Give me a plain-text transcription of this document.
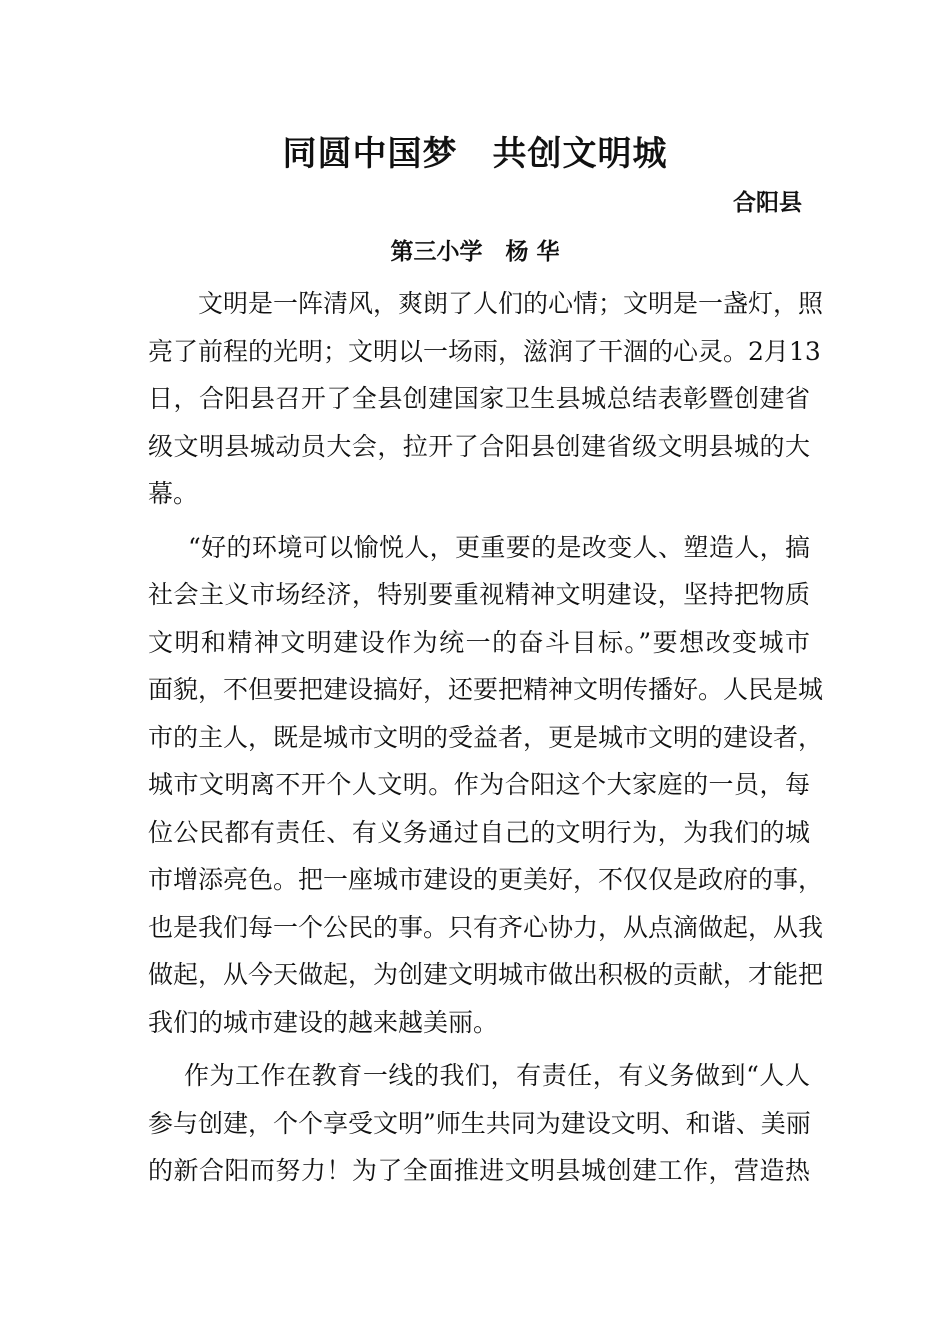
同圆中国梦　共创文明城
合阳县
第三小学　杨 华
文明是一阵清风，爽朗了人们的心情；文明是一盏灯，照
亮了前程的光明；文明以一场雨，滋润了干涸的心灵。2月13
日，合阳县召开了全县创建国家卫生县城总结表彰暨创建省
级文明县城动员大会，拉开了合阳县创建省级文明县城的大
幕。
“好的环境可以愉悦人，更重要的是改变人、塑造人，搞
社会主义市场经济，特别要重视精神文明建设，坚持把物质
文明和精神文明建设作为统一的奋斗目标。”要想改变城市
面貌，不但要把建设搞好，还要把精神文明传播好。人民是城
市的主人，既是城市文明的受益者，更是城市文明的建设者，
城市文明离不开个人文明。作为合阳这个大家庭的一员，每
位公民都有责任、有义务通过自己的文明行为，为我们的城
市增添亮色。把一座城市建设的更美好，不仅仅是政府的事，
也是我们每一个公民的事。只有齐心协力，从点滴做起，从我
做起，从今天做起，为创建文明城市做出积极的贡献，才能把
我们的城市建设的越来越美丽。
作为工作在教育一线的我们，有责任，有义务做到“人人
参与创建，个个享受文明”师生共同为建设文明、和谐、美丽
的新合阳而努力！为了全面推进文明县城创建工作，营造热
